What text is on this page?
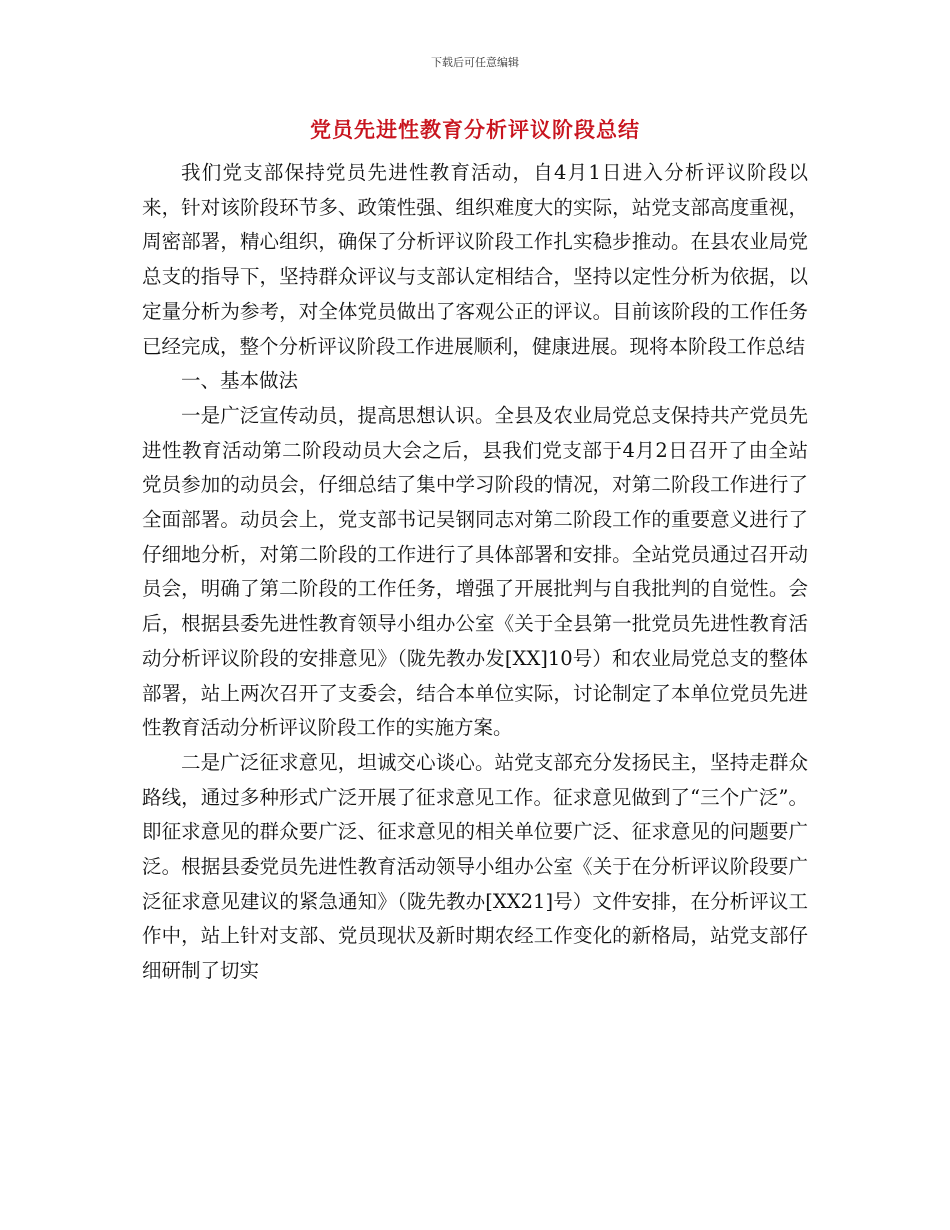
下载后可任意编辑
党员先进性教育分析评议阶段总结

我们党支部保持党员先进性教育活动，自4月1日进入分析评议阶段以来，针对该阶段环节多、政策性强、组织难度大的实际，站党支部高度重视，周密部署，精心组织，确保了分析评议阶段工作扎实稳步推动。在县农业局党总支的指导下，坚持群众评议与支部认定相结合，坚持以定性分析为依据，以定量分析为参考，对全体党员做出了客观公正的评议。目前该阶段的工作任务已经完成，整个分析评议阶段工作进展顺利，健康进展。现将本阶段工作总结

一、基本做法

一是广泛宣传动员，提高思想认识。全县及农业局党总支保持共产党员先进性教育活动第二阶段动员大会之后，县我们党支部于4月2日召开了由全站党员参加的动员会，仔细总结了集中学习阶段的情况，对第二阶段工作进行了全面部署。动员会上，党支部书记吴钢同志对第二阶段工作的重要意义进行了仔细地分析，对第二阶段的工作进行了具体部署和安排。全站党员通过召开动员会，明确了第二阶段的工作任务，增强了开展批判与自我批判的自觉性。会后，根据县委先进性教育领导小组办公室《关于全县第一批党员先进性教育活动分析评议阶段的安排意见》（陇先教办发[XX]10号）和农业局党总支的整体部署，站上两次召开了支委会，结合本单位实际，讨论制定了本单位党员先进性教育活动分析评议阶段工作的实施方案。

二是广泛征求意见，坦诚交心谈心。站党支部充分发扬民主，坚持走群众路线，通过多种形式广泛开展了征求意见工作。征求意见做到了“三个广泛”。即征求意见的群众要广泛、征求意见的相关单位要广泛、征求意见的问题要广泛。根据县委党员先进性教育活动领导小组办公室《关于在分析评议阶段要广泛征求意见建议的紧急通知》（陇先教办[XX21]号）文件安排，在分析评议工作中，站上针对支部、党员现状及新时期农经工作变化的新格局，站党支部仔细研制了切实
